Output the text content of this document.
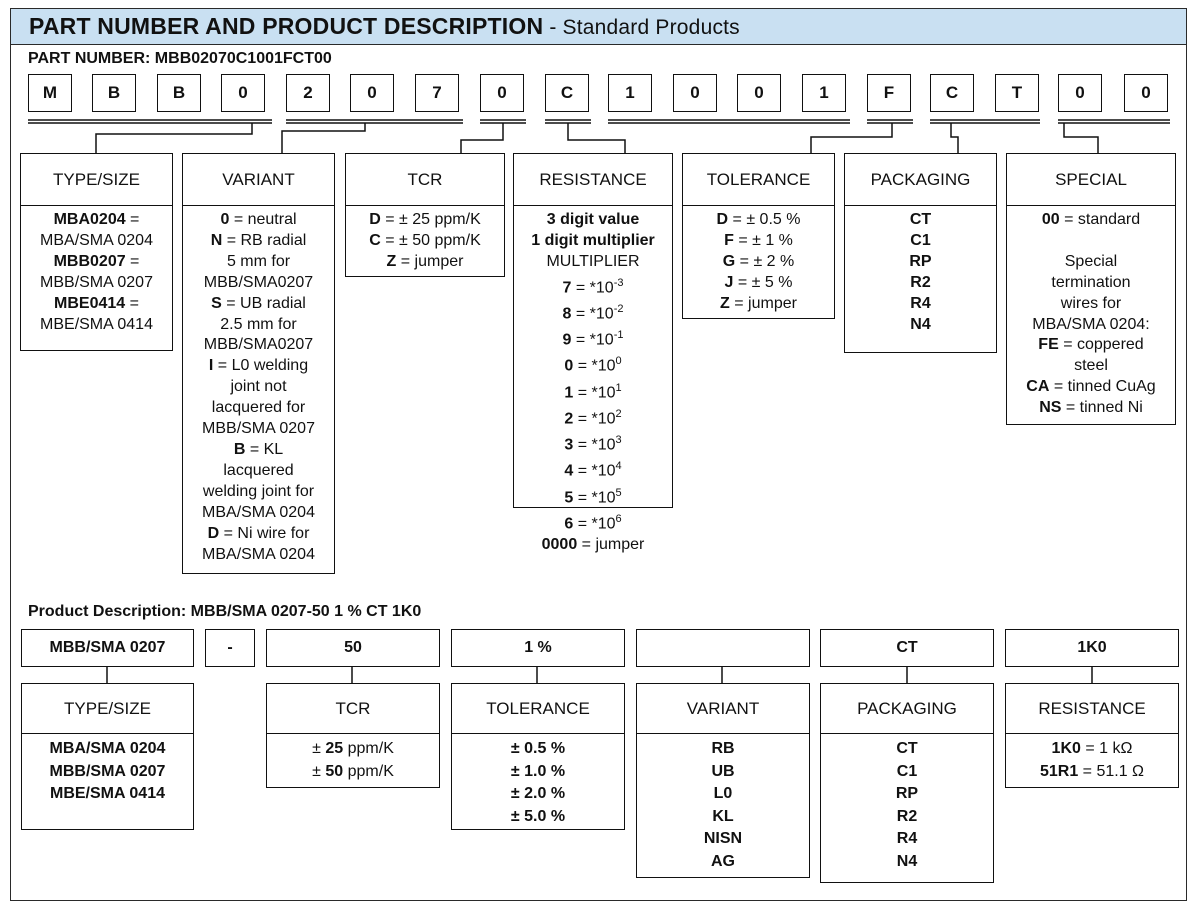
PART NUMBER AND PRODUCT DESCRIPTION - Standard Products
PART NUMBER: MBB02070C1001FCT00
M	B	B	0	2	0	7	0	C	1	0	0	1	F	C	T	0	0
TYPE/SIZE
MBA0204 =
MBA/SMA 0204
MBB0207 =
MBB/SMA 0207
MBE0414 =
MBE/SMA 0414
VARIANT
0 = neutral
N = RB radial
5 mm for
MBB/SMA0207
S = UB radial
2.5 mm for
MBB/SMA0207
I = L0 welding
joint not
lacquered for
MBB/SMA 0207
B = KL
lacquered
welding joint for
MBA/SMA 0204
D = Ni wire for
MBA/SMA 0204
TCR
D = ± 25 ppm/K
C = ± 50 ppm/K
Z = jumper
RESISTANCE
3 digit value
1 digit multiplier
MULTIPLIER
$7 = *10^{-3}$
$8 = *10^{-2}$
$9 = *10^{-1}$
$0 = *10^0$
$1 = *10^1$
$2 = *10^2$
$3 = *10^3$
$4 = *10^4$
$5 = *10^5$
$6 = *10^6$
0000 = jumper
TOLERANCE
D = ± 0.5 %
F = ± 1 %
G = ± 2 %
J = ± 5 %
Z = jumper
PACKAGING
CT
C1
RP
R2
R4
N4
SPECIAL
00 = standard

Special
termination
wires for
MBA/SMA 0204:
FE = coppered
steel
CA = tinned CuAg
NS = tinned Ni
Product Description: MBB/SMA 0207-50 1 % CT 1K0
MBB/SMA 0207	-	50	1 %	CT	1K0
TYPE/SIZE
MBA/SMA 0204
MBB/SMA 0207
MBE/SMA 0414
TCR
± 25 ppm/K
± 50 ppm/K
TOLERANCE
± 0.5 %
± 1.0 %
± 2.0 %
± 5.0 %
VARIANT
RB
UB
L0
KL
NISN
AG
PACKAGING
CT
C1
RP
R2
R4
N4
RESISTANCE
1K0 = 1 kΩ
51R1 = 51.1 Ω
